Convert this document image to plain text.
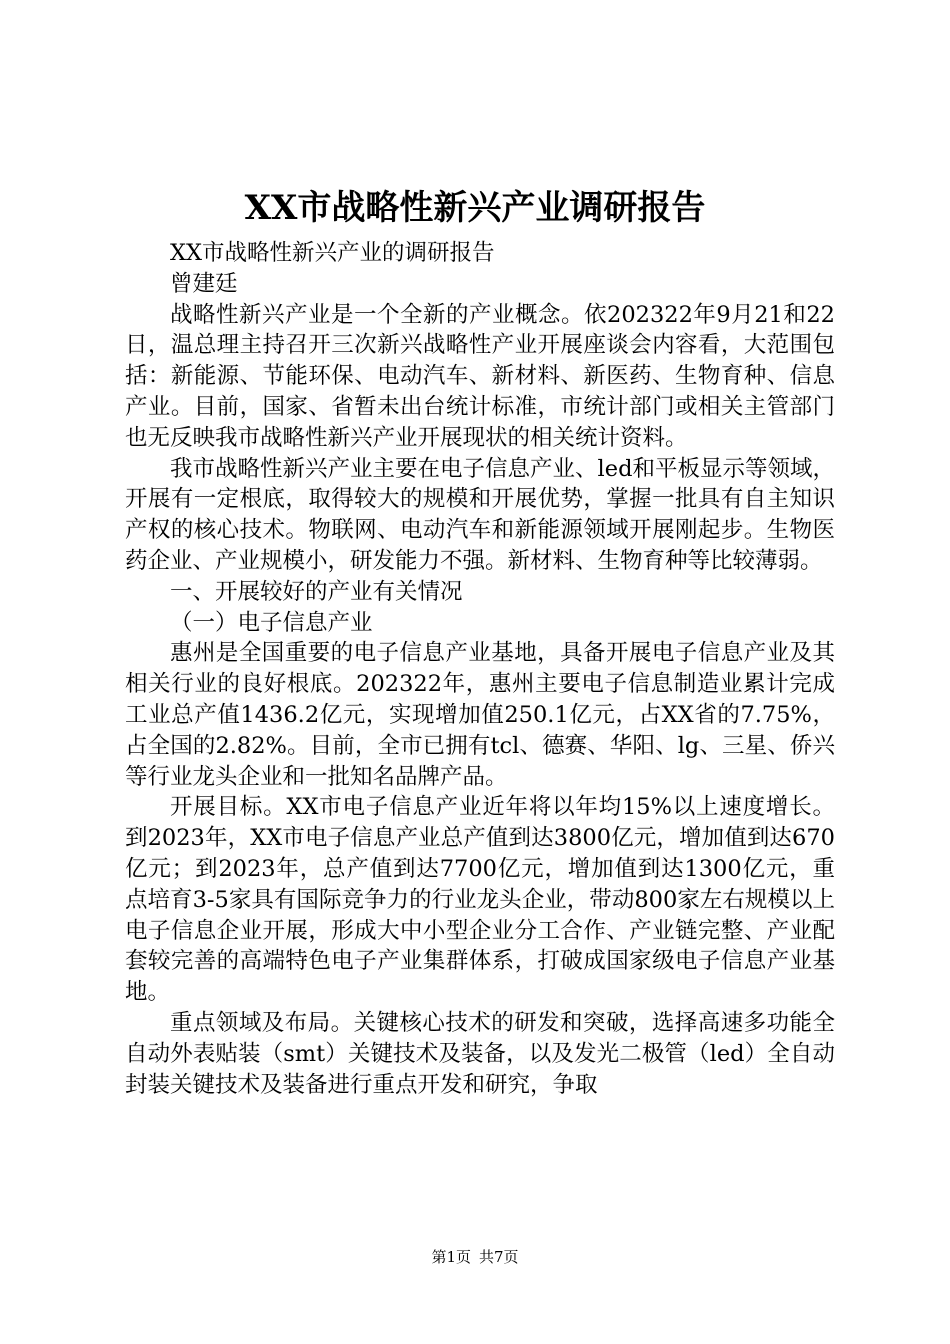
XX市战略性新兴产业调研报告

XX市战略性新兴产业的调研报告

曾建廷

战略性新兴产业是一个全新的产业概念。依202322年9月21和22日，温总理主持召开三次新兴战略性产业开展座谈会内容看，大范围包括：新能源、节能环保、电动汽车、新材料、新医药、生物育种、信息产业。目前，国家、省暂未出台统计标准，市统计部门或相关主管部门也无反映我市战略性新兴产业开展现状的相关统计资料。

我市战略性新兴产业主要在电子信息产业、led和平板显示等领域，开展有一定根底，取得较大的规模和开展优势，掌握一批具有自主知识产权的核心技术。物联网、电动汽车和新能源领域开展刚起步。生物医药企业、产业规模小，研发能力不强。新材料、生物育种等比较薄弱。

一、开展较好的产业有关情况

（一）电子信息产业

惠州是全国重要的电子信息产业基地，具备开展电子信息产业及其相关行业的良好根底。202322年，惠州主要电子信息制造业累计完成工业总产值1436.2亿元，实现增加值250.1亿元，占XX省的7.75%，占全国的2.82%。目前，全市已拥有tcl、德赛、华阳、lg、三星、侨兴等行业龙头企业和一批知名品牌产品。

开展目标。XX市电子信息产业近年将以年均15%以上速度增长。到2023年，XX市电子信息产业总产值到达3800亿元，增加值到达670亿元；到2023年，总产值到达7700亿元，增加值到达1300亿元，重点培育3-5家具有国际竞争力的行业龙头企业，带动800家左右规模以上电子信息企业开展，形成大中小型企业分工合作、产业链完整、产业配套较完善的高端特色电子产业集群体系，打破成国家级电子信息产业基地。

重点领域及布局。关键核心技术的研发和突破，选择高速多功能全自动外表贴装（smt）关键技术及装备，以及发光二极管（led）全自动封装关键技术及装备进行重点开发和研究，争取

第1页 共7页
